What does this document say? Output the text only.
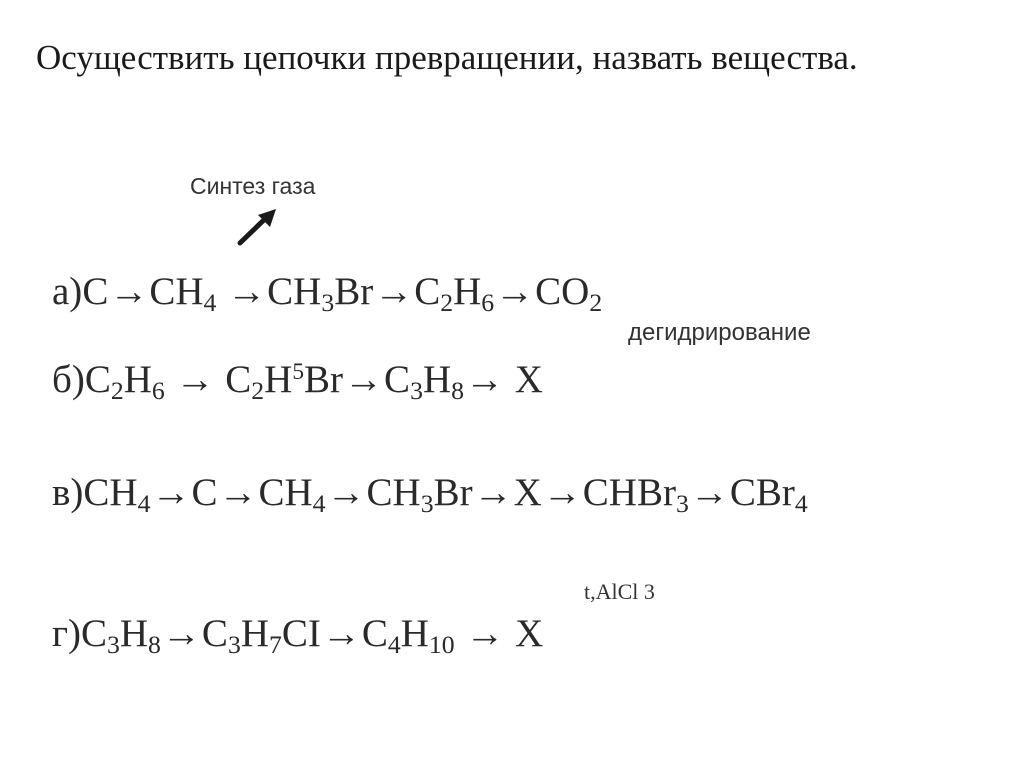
Осуществить цепочки превращении, назвать вещества.
Синтез газа
$а)C\to CH_4 \to CH_3Br\to C_2H_6\to CO_2$
дегидрирование
$б)C_2H_6 \to C_2H^5Br\to C_3H_8\to X$
$в)CH_4\to C\to CH_4\to CH_3Br\to X\to CHBr_3\to CBr_4$
t,AlCl 3
$г)C_3H_8\to C_3H_7CI\to C_4H_{10} \to X$
